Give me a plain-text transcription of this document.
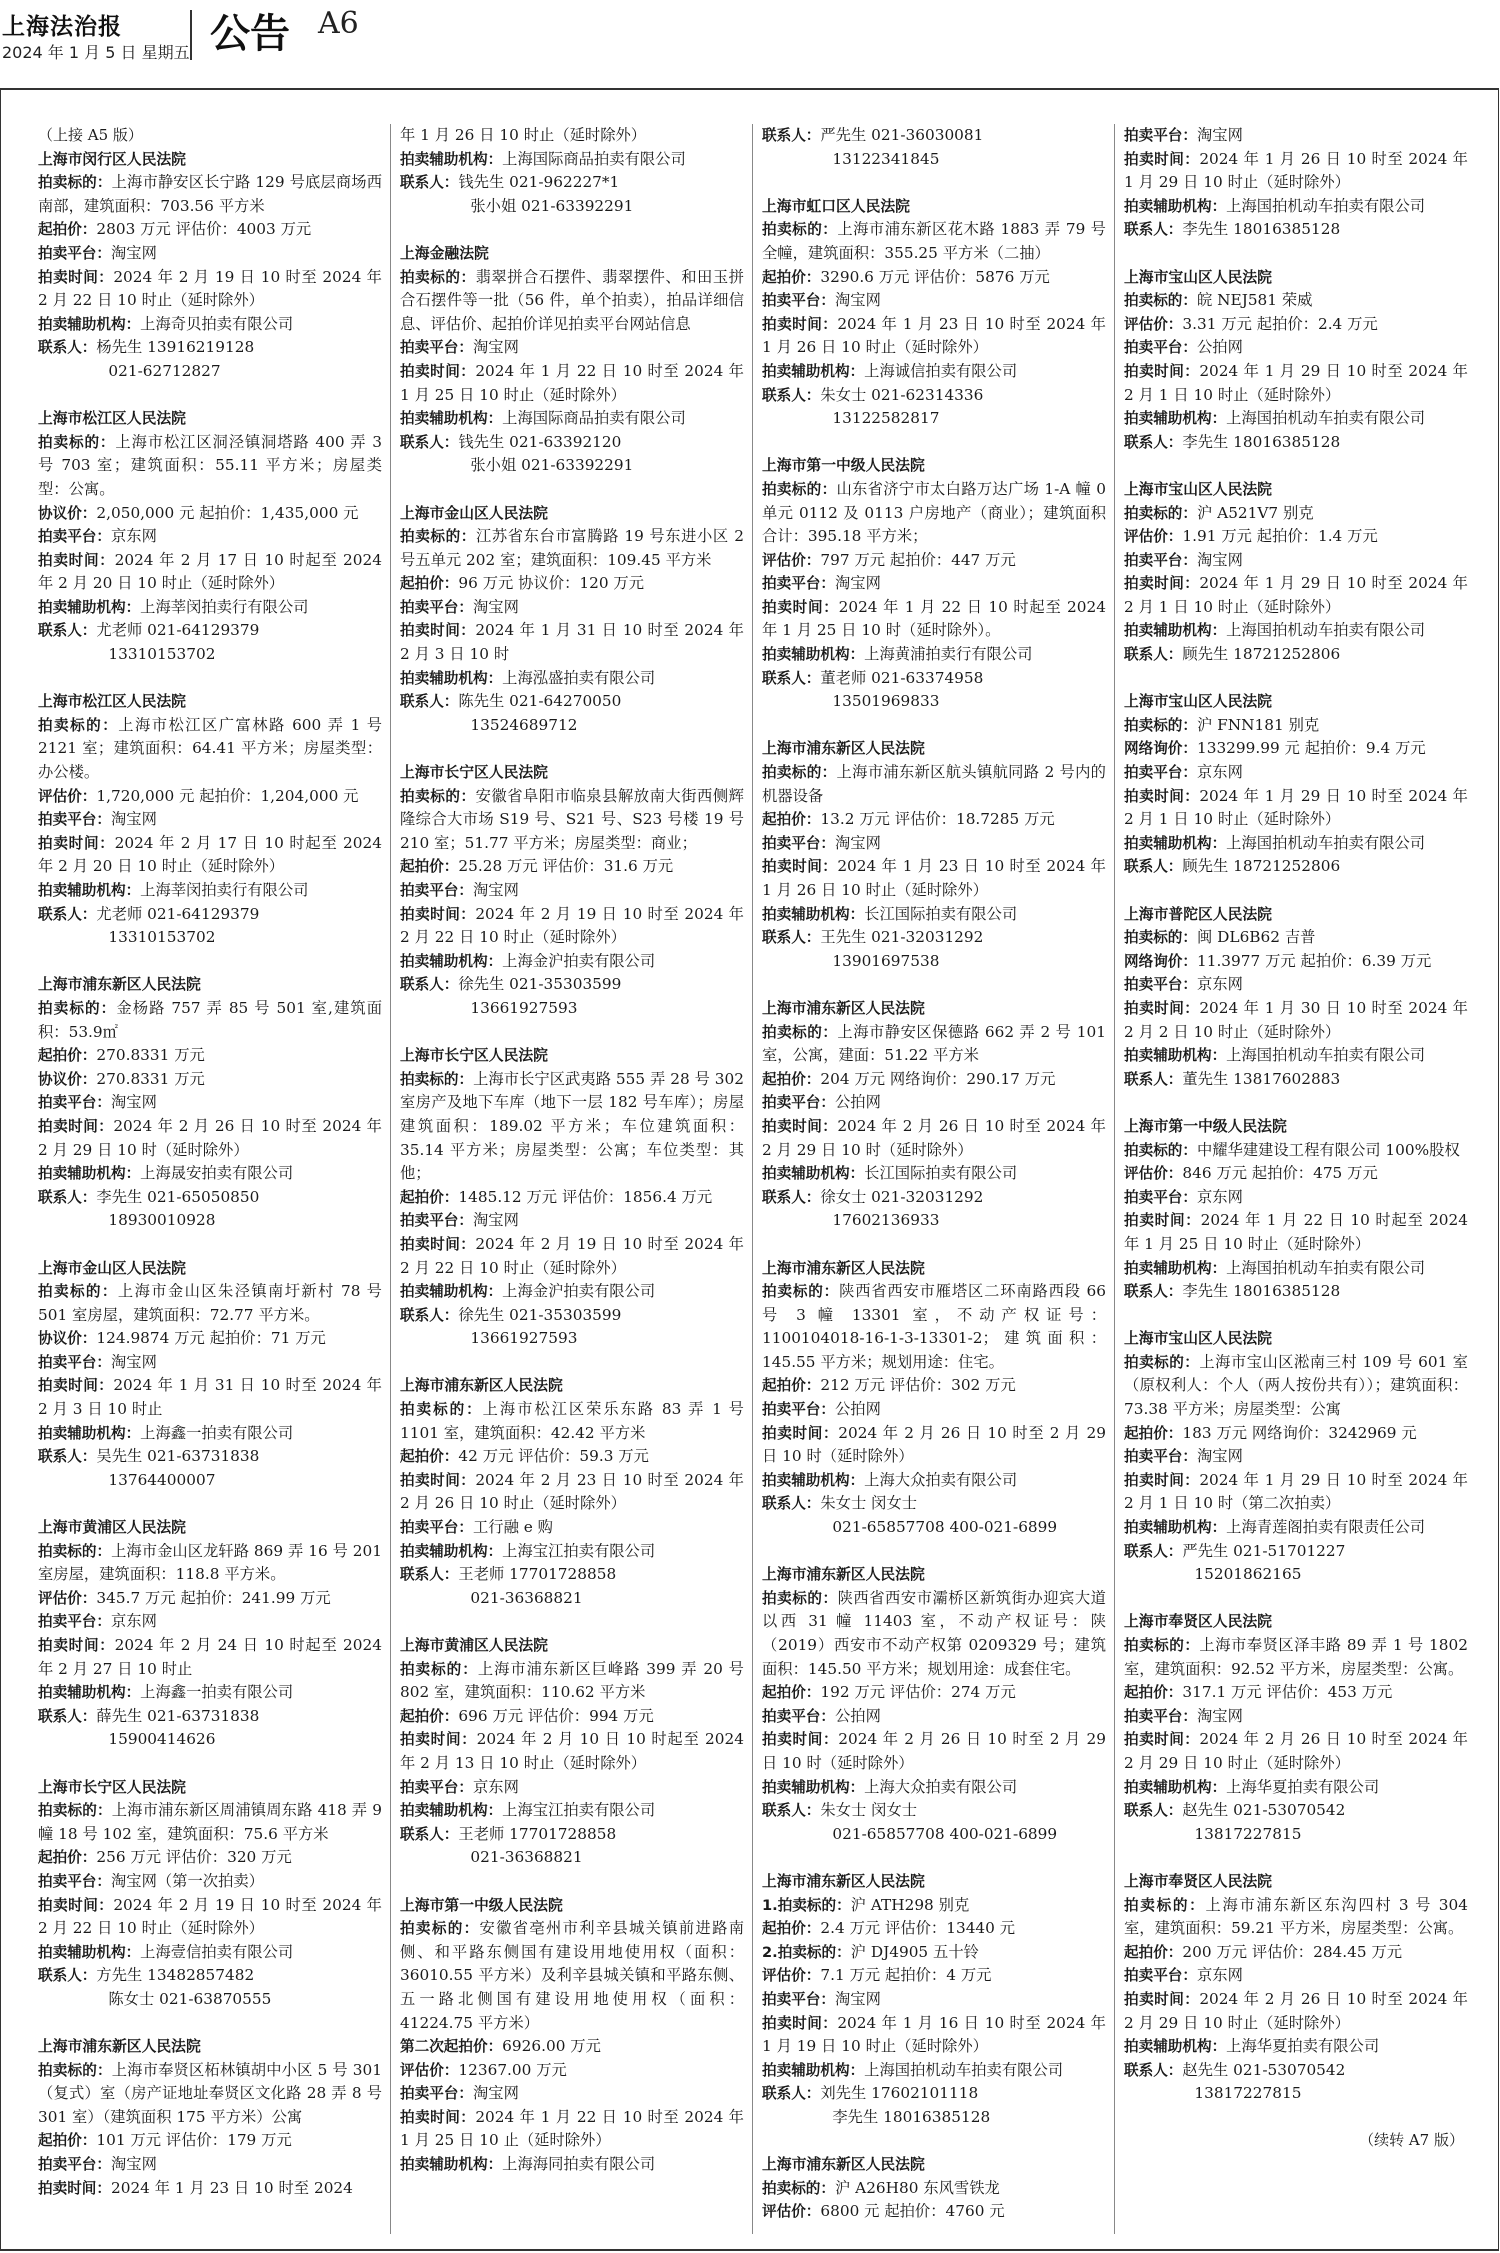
上海法治报
2024 年 1 月 5 日 星期五 公告 A6
（上接 A5 版）
上海市闵行区人民法院
拍卖标的：上海市静安区长宁路 129 号底层商场西南部，建筑面积：703.56 平方米
起拍价：2803 万元 评估价：4003 万元
拍卖平台：淘宝网
拍卖时间：2024 年 2 月 19 日 10 时至 2024 年 2 月 22 日 10 时止（延时除外）
拍卖辅助机构：上海奇贝拍卖有限公司
联系人：杨先生 13916219128
021-62712827
上海市松江区人民法院
拍卖标的：上海市松江区洞泾镇洞塔路 400 弄 3 号 703 室；建筑面积：55.11 平方米；房屋类型：公寓。
协议价：2,050,000 元 起拍价：1,435,000 元
拍卖平台：京东网
拍卖时间：2024 年 2 月 17 日 10 时起至 2024 年 2 月 20 日 10 时止（延时除外）
拍卖辅助机构：上海莘闵拍卖行有限公司
联系人：尤老师 021-64129379
13310153702
上海市松江区人民法院
拍卖标的：上海市松江区广富林路 600 弄 1 号 2121 室；建筑面积：64.41 平方米；房屋类型：办公楼。
评估价：1,720,000 元 起拍价：1,204,000 元
拍卖平台：淘宝网
拍卖时间：2024 年 2 月 17 日 10 时起至 2024 年 2 月 20 日 10 时止（延时除外）
拍卖辅助机构：上海莘闵拍卖行有限公司
联系人：尤老师 021-64129379
13310153702
上海市浦东新区人民法院
拍卖标的：金杨路 757 弄 85 号 501 室,建筑面积：53.9㎡
起拍价：270.8331 万元
协议价：270.8331 万元
拍卖平台：淘宝网
拍卖时间：2024 年 2 月 26 日 10 时至 2024 年 2 月 29 日 10 时（延时除外）
拍卖辅助机构：上海晟安拍卖有限公司
联系人：李先生 021-65050850
18930010928
上海市金山区人民法院
拍卖标的：上海市金山区朱泾镇南圩新村 78 号 501 室房屋，建筑面积：72.77 平方米。
协议价：124.9874 万元 起拍价：71 万元
拍卖平台：淘宝网
拍卖时间：2024 年 1 月 31 日 10 时至 2024 年 2 月 3 日 10 时止
拍卖辅助机构：上海鑫一拍卖有限公司
联系人：吴先生 021-63731838
13764400007
上海市黄浦区人民法院
拍卖标的：上海市金山区龙轩路 869 弄 16 号 201 室房屋，建筑面积：118.8 平方米。
评估价：345.7 万元 起拍价：241.99 万元
拍卖平台：京东网
拍卖时间：2024 年 2 月 24 日 10 时起至 2024 年 2 月 27 日 10 时止
拍卖辅助机构：上海鑫一拍卖有限公司
联系人：薛先生 021-63731838
15900414626
上海市长宁区人民法院
拍卖标的：上海市浦东新区周浦镇周东路 418 弄 9 幢 18 号 102 室，建筑面积：75.6 平方米
起拍价：256 万元 评估价：320 万元
拍卖平台：淘宝网（第一次拍卖）
拍卖时间：2024 年 2 月 19 日 10 时至 2024 年 2 月 22 日 10 时止（延时除外）
拍卖辅助机构：上海壹信拍卖有限公司
联系人：方先生 13482857482
陈女士 021-63870555
上海市浦东新区人民法院
拍卖标的：上海市奉贤区柘林镇胡中小区 5 号 301（复式）室（房产证地址奉贤区文化路 28 弄 8 号 301 室）（建筑面积 175 平方米）公寓
起拍价：101 万元 评估价：179 万元
拍卖平台：淘宝网
拍卖时间：2024 年 1 月 23 日 10 时至 2024
年 1 月 26 日 10 时止（延时除外）
拍卖辅助机构：上海国际商品拍卖有限公司
联系人：钱先生 021-962227*1
张小姐 021-63392291
上海金融法院
拍卖标的：翡翠拼合石摆件、翡翠摆件、和田玉拼合石摆件等一批（56 件，单个拍卖），拍品详细信息、评估价、起拍价详见拍卖平台网站信息
拍卖平台：淘宝网
拍卖时间：2024 年 1 月 22 日 10 时至 2024 年 1 月 25 日 10 时止（延时除外）
拍卖辅助机构：上海国际商品拍卖有限公司
联系人：钱先生 021-63392120
张小姐 021-63392291
上海市金山区人民法院
拍卖标的：江苏省东台市富腾路 19 号东进小区 2 号五单元 202 室；建筑面积：109.45 平方米
起拍价：96 万元 协议价：120 万元
拍卖平台：淘宝网
拍卖时间：2024 年 1 月 31 日 10 时至 2024 年 2 月 3 日 10 时
拍卖辅助机构：上海泓盛拍卖有限公司
联系人：陈先生 021-64270050
13524689712
上海市长宁区人民法院
拍卖标的：安徽省阜阳市临泉县解放南大街西侧辉隆综合大市场 S19 号、S21 号、S23 号楼 19 号 210 室；51.77 平方米；房屋类型：商业；
起拍价：25.28 万元 评估价：31.6 万元
拍卖平台：淘宝网
拍卖时间：2024 年 2 月 19 日 10 时至 2024 年 2 月 22 日 10 时止（延时除外）
拍卖辅助机构：上海金沪拍卖有限公司
联系人：徐先生 021-35303599
13661927593
上海市长宁区人民法院
拍卖标的：上海市长宁区武夷路 555 弄 28 号 302 室房产及地下车库（地下一层 182 号车库）；房屋建筑面积：189.02 平方米；车位建筑面积：35.14 平方米；房屋类型：公寓；车位类型：其他；
起拍价：1485.12 万元 评估价：1856.4 万元
拍卖平台：淘宝网
拍卖时间：2024 年 2 月 19 日 10 时至 2024 年 2 月 22 日 10 时止（延时除外）
拍卖辅助机构：上海金沪拍卖有限公司
联系人：徐先生 021-35303599
13661927593
上海市浦东新区人民法院
拍卖标的：上海市松江区荣乐东路 83 弄 1 号 1101 室，建筑面积：42.42 平方米
起拍价：42 万元 评估价：59.3 万元
拍卖时间：2024 年 2 月 23 日 10 时至 2024 年 2 月 26 日 10 时止（延时除外）
拍卖平台：工行融 e 购
拍卖辅助机构：上海宝江拍卖有限公司
联系人：王老师 17701728858
021-36368821
上海市黄浦区人民法院
拍卖标的：上海市浦东新区巨峰路 399 弄 20 号 802 室，建筑面积：110.62 平方米
起拍价：696 万元 评估价：994 万元
拍卖时间：2024 年 2 月 10 日 10 时起至 2024 年 2 月 13 日 10 时止（延时除外）
拍卖平台：京东网
拍卖辅助机构：上海宝江拍卖有限公司
联系人：王老师 17701728858
021-36368821
上海市第一中级人民法院
拍卖标的：安徽省亳州市利辛县城关镇前进路南侧、和平路东侧国有建设用地使用权（面积：36010.55 平方米）及利辛县城关镇和平路东侧、五一路北侧国有建设用地使用权（面积：41224.75 平方米）
第二次起拍价：6926.00 万元
评估价：12367.00 万元
拍卖平台：淘宝网
拍卖时间：2024 年 1 月 22 日 10 时至 2024 年 1 月 25 日 10 止（延时除外）
拍卖辅助机构：上海海同拍卖有限公司
联系人：严先生 021-36030081
13122341845
上海市虹口区人民法院
拍卖标的：上海市浦东新区花木路 1883 弄 79 号全幢，建筑面积：355.25 平方米（二抽）
起拍价：3290.6 万元 评估价：5876 万元
拍卖平台：淘宝网
拍卖时间：2024 年 1 月 23 日 10 时至 2024 年 1 月 26 日 10 时止（延时除外）
拍卖辅助机构：上海诚信拍卖有限公司
联系人：朱女士 021-62314336
13122582817
上海市第一中级人民法院
拍卖标的：山东省济宁市太白路万达广场 1-A 幢 0 单元 0112 及 0113 户房地产（商业）；建筑面积合计：395.18 平方米；
评估价：797 万元 起拍价：447 万元
拍卖平台：淘宝网
拍卖时间：2024 年 1 月 22 日 10 时起至 2024 年 1 月 25 日 10 时（延时除外）。
拍卖辅助机构：上海黄浦拍卖行有限公司
联系人：董老师 021-63374958
13501969833
上海市浦东新区人民法院
拍卖标的：上海市浦东新区航头镇航同路 2 号内的机器设备
起拍价：13.2 万元 评估价：18.7285 万元
拍卖平台：淘宝网
拍卖时间：2024 年 1 月 23 日 10 时至 2024 年 1 月 26 日 10 时止（延时除外）
拍卖辅助机构：长江国际拍卖有限公司
联系人：王先生 021-32031292
13901697538
上海市浦东新区人民法院
拍卖标的：上海市静安区保德路 662 弄 2 号 101 室，公寓，建面：51.22 平方米
起拍价：204 万元 网络询价：290.17 万元
拍卖平台：公拍网
拍卖时间：2024 年 2 月 26 日 10 时至 2024 年 2 月 29 日 10 时（延时除外）
拍卖辅助机构：长江国际拍卖有限公司
联系人：徐女士 021-32031292
17602136933
上海市浦东新区人民法院
拍卖标的：陕西省西安市雁塔区二环南路西段 66 号 3 幢 13301 室，不动产权证号：1100104018-16-1-3-13301-2；建筑面积：145.55 平方米；规划用途：住宅。
起拍价：212 万元 评估价：302 万元
拍卖平台：公拍网
拍卖时间：2024 年 2 月 26 日 10 时至 2 月 29 日 10 时（延时除外）
拍卖辅助机构：上海大众拍卖有限公司
联系人：朱女士 闵女士
021-65857708 400-021-6899
上海市浦东新区人民法院
拍卖标的：陕西省西安市灞桥区新筑街办迎宾大道以西 31 幢 11403 室，不动产权证号：陕（2019）西安市不动产权第 0209329 号；建筑面积：145.50 平方米；规划用途：成套住宅。
起拍价：192 万元 评估价：274 万元
拍卖平台：公拍网
拍卖时间：2024 年 2 月 26 日 10 时至 2 月 29 日 10 时（延时除外）
拍卖辅助机构：上海大众拍卖有限公司
联系人：朱女士 闵女士
021-65857708 400-021-6899
上海市浦东新区人民法院
1.拍卖标的：沪 ATH298 别克
起拍价：2.4 万元 评估价：13440 元
2.拍卖标的：沪 DJ4905 五十铃
评估价：7.1 万元 起拍价：4 万元
拍卖平台：淘宝网
拍卖时间：2024 年 1 月 16 日 10 时至 2024 年 1 月 19 日 10 时止（延时除外）
拍卖辅助机构：上海国拍机动车拍卖有限公司
联系人：刘先生 17602101118
李先生 18016385128
上海市浦东新区人民法院
拍卖标的：沪 A26H80 东风雪铁龙
评估价：6800 元 起拍价：4760 元
拍卖平台：淘宝网
拍卖时间：2024 年 1 月 26 日 10 时至 2024 年 1 月 29 日 10 时止（延时除外）
拍卖辅助机构：上海国拍机动车拍卖有限公司
联系人：李先生 18016385128
上海市宝山区人民法院
拍卖标的：皖 NEJ581 荣威
评估价：3.31 万元 起拍价：2.4 万元
拍卖平台：公拍网
拍卖时间：2024 年 1 月 29 日 10 时至 2024 年 2 月 1 日 10 时止（延时除外）
拍卖辅助机构：上海国拍机动车拍卖有限公司
联系人：李先生 18016385128
上海市宝山区人民法院
拍卖标的：沪 A521V7 别克
评估价：1.91 万元 起拍价：1.4 万元
拍卖平台：淘宝网
拍卖时间：2024 年 1 月 29 日 10 时至 2024 年 2 月 1 日 10 时止（延时除外）
拍卖辅助机构：上海国拍机动车拍卖有限公司
联系人：顾先生 18721252806
上海市宝山区人民法院
拍卖标的：沪 FNN181 别克
网络询价：133299.99 元 起拍价：9.4 万元
拍卖平台：京东网
拍卖时间：2024 年 1 月 29 日 10 时至 2024 年 2 月 1 日 10 时止（延时除外）
拍卖辅助机构：上海国拍机动车拍卖有限公司
联系人：顾先生 18721252806
上海市普陀区人民法院
拍卖标的：闽 DL6B62 吉普
网络询价：11.3977 万元 起拍价：6.39 万元
拍卖平台：京东网
拍卖时间：2024 年 1 月 30 日 10 时至 2024 年 2 月 2 日 10 时止（延时除外）
拍卖辅助机构：上海国拍机动车拍卖有限公司
联系人：董先生 13817602883
上海市第一中级人民法院
拍卖标的：中耀华建建设工程有限公司 100%股权
评估价：846 万元 起拍价：475 万元
拍卖平台：京东网
拍卖时间：2024 年 1 月 22 日 10 时起至 2024 年 1 月 25 日 10 时止（延时除外）
拍卖辅助机构：上海国拍机动车拍卖有限公司
联系人：李先生 18016385128
上海市宝山区人民法院
拍卖标的：上海市宝山区淞南三村 109 号 601 室（原权利人：个人（两人按份共有））；建筑面积：73.38 平方米；房屋类型：公寓
起拍价：183 万元 网络询价：3242969 元
拍卖平台：淘宝网
拍卖时间：2024 年 1 月 29 日 10 时至 2024 年 2 月 1 日 10 时（第二次拍卖）
拍卖辅助机构：上海青莲阁拍卖有限责任公司
联系人：严先生 021-51701227
15201862165
上海市奉贤区人民法院
拍卖标的：上海市奉贤区泽丰路 89 弄 1 号 1802 室，建筑面积：92.52 平方米，房屋类型：公寓。
起拍价：317.1 万元 评估价：453 万元
拍卖平台：淘宝网
拍卖时间：2024 年 2 月 26 日 10 时至 2024 年 2 月 29 日 10 时止（延时除外）
拍卖辅助机构：上海华夏拍卖有限公司
联系人：赵先生 021-53070542
13817227815
上海市奉贤区人民法院
拍卖标的：上海市浦东新区东沟四村 3 号 304 室，建筑面积：59.21 平方米，房屋类型：公寓。
起拍价：200 万元 评估价：284.45 万元
拍卖平台：京东网
拍卖时间：2024 年 2 月 26 日 10 时至 2024 年 2 月 29 日 10 时止（延时除外）
拍卖辅助机构：上海华夏拍卖有限公司
联系人：赵先生 021-53070542
13817227815
（续转 A7 版）
